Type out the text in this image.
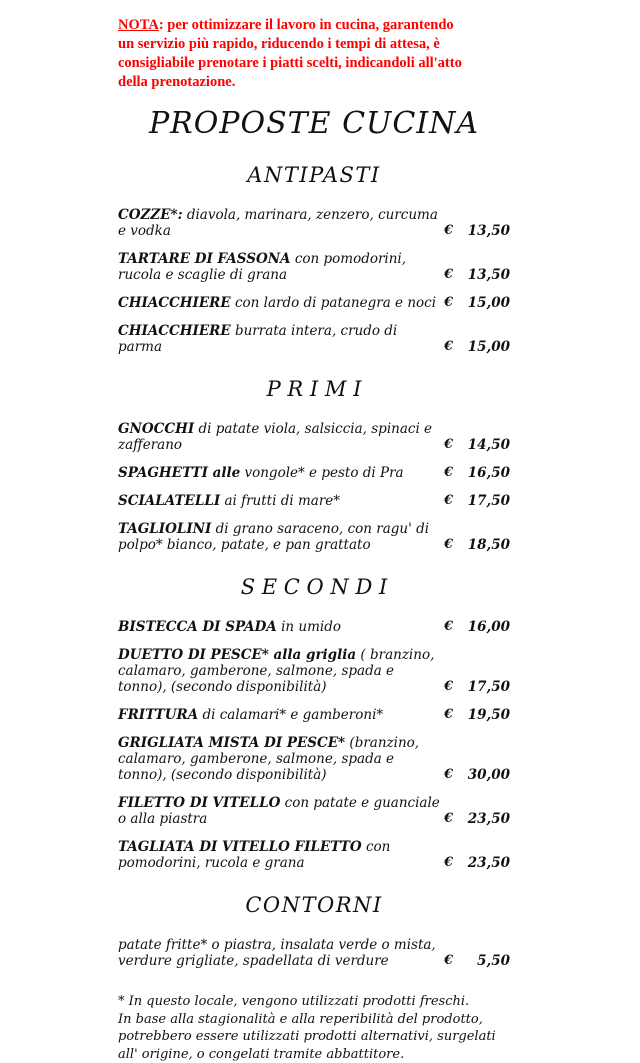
NOTA: per ottimizzare il lavoro in cucina, garantendo un servizio più rapido, riducendo i tempi di attesa, è consigliabile prenotare i piatti scelti, indicandoli all'atto della prenotazione.

PROPOSTE CUCINA
ANTIPASTI

COZZE*: diavola, marinara, zenzero, curcuma e vodka	€	13,50

TARTARE DI FASSONA con pomodorini, rucola e scaglie di grana	€	13,50

CHIACCHIERE con lardo di patanegra e noci €	15,00

CHIACCHIERE burrata intera, crudo di parma	€	15,00
P R I M I

GNOCCHI di patate viola, salsiccia, spinaci e zafferano	€	14,50

SPAGHETTI alle vongole* e pesto di Pra	€	16,50

SCIALATELLI ai frutti di mare*	€	17,50

TAGLIOLINI di grano saraceno, con ragu' di polpo* bianco, patate, e pan grattato	€	18,50
S E C O N D I

BISTECCA DI SPADA in umido	€	16,00

DUETTO DI PESCE* alla griglia ( branzino, calamaro, gamberone, salmone, spada e tonno), (secondo disponibilità)	€	17,50

FRITTURA di calamari* e gamberoni*	€	19,50

GRIGLIATA MISTA DI PESCE* (branzino, calamaro, gamberone, salmone, spada e tonno), (secondo disponibilità)	€	30,00

FILETTO DI VITELLO con patate e guanciale o alla piastra	€	23,50

TAGLIATA DI VITELLO FILETTO con pomodorini, rucola e grana	€	23,50
CONTORNI

patate fritte* o piastra, insalata verde o mista, verdure grigliate, spadellata di verdure	€	5,50

* In questo locale, vengono utilizzati prodotti freschi.

In base alla stagionalità e alla reperibilità del prodotto, potrebbero essere utilizzati prodotti alternativi, surgelati all' origine, o congelati tramite abbattitore.
